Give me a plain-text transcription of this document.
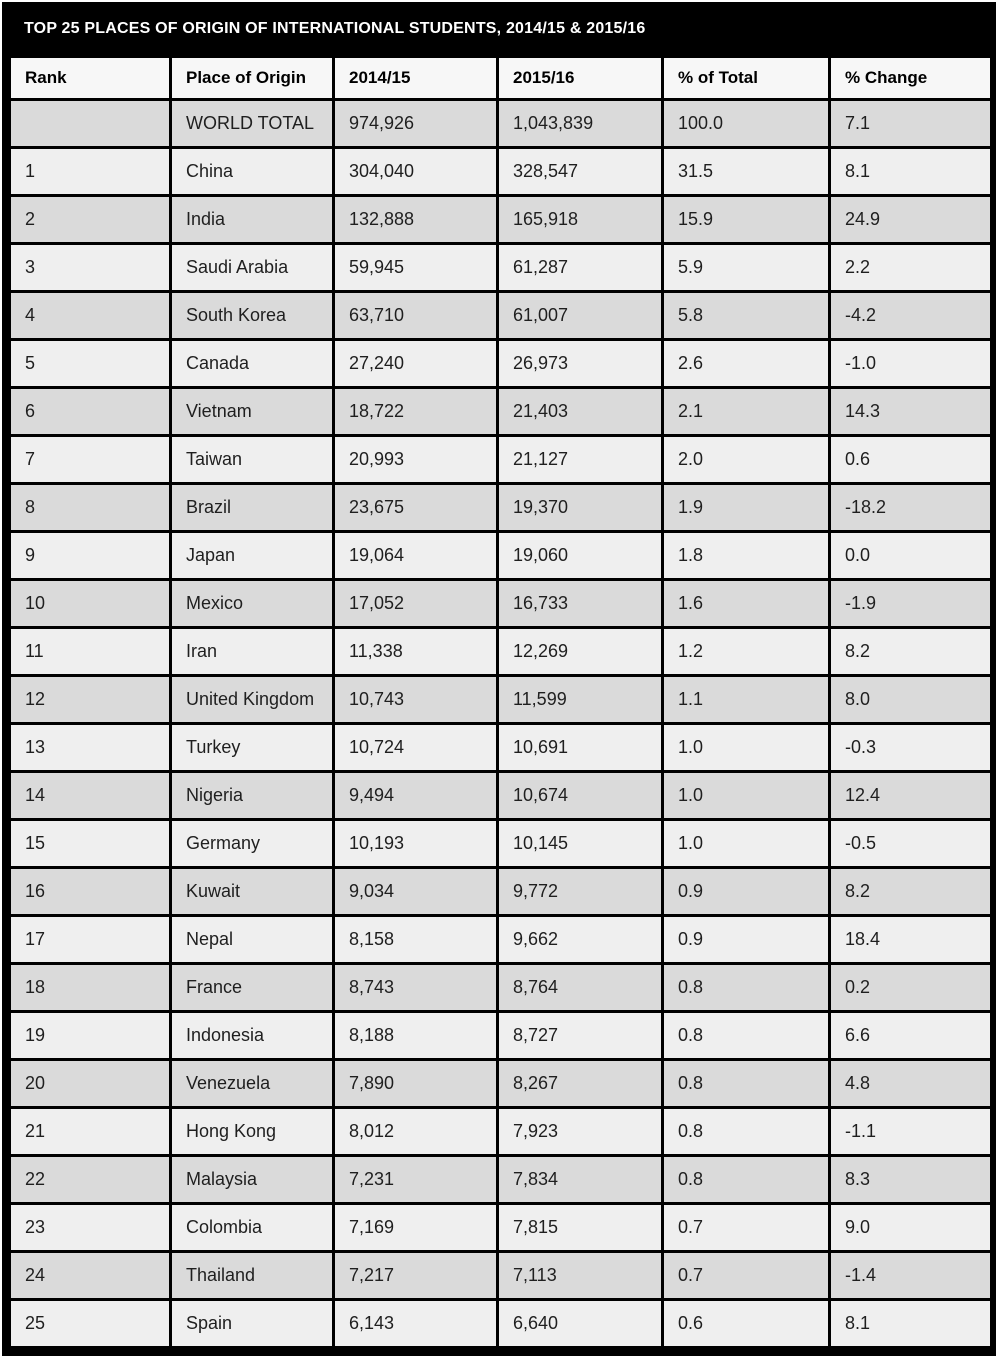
TOP 25 PLACES OF ORIGIN OF INTERNATIONAL STUDENTS, 2014/15 & 2015/16
Rank	Place of Origin	2014/15	2015/16	% of Total	% Change
	WORLD TOTAL	974,926	1,043,839	100.0	7.1
1	China	304,040	328,547	31.5	8.1
2	India	132,888	165,918	15.9	24.9
3	Saudi Arabia	59,945	61,287	5.9	2.2
4	South Korea	63,710	61,007	5.8	-4.2
5	Canada	27,240	26,973	2.6	-1.0
6	Vietnam	18,722	21,403	2.1	14.3
7	Taiwan	20,993	21,127	2.0	0.6
8	Brazil	23,675	19,370	1.9	-18.2
9	Japan	19,064	19,060	1.8	0.0
10	Mexico	17,052	16,733	1.6	-1.9
11	Iran	11,338	12,269	1.2	8.2
12	United Kingdom	10,743	11,599	1.1	8.0
13	Turkey	10,724	10,691	1.0	-0.3
14	Nigeria	9,494	10,674	1.0	12.4
15	Germany	10,193	10,145	1.0	-0.5
16	Kuwait	9,034	9,772	0.9	8.2
17	Nepal	8,158	9,662	0.9	18.4
18	France	8,743	8,764	0.8	0.2
19	Indonesia	8,188	8,727	0.8	6.6
20	Venezuela	7,890	8,267	0.8	4.8
21	Hong Kong	8,012	7,923	0.8	-1.1
22	Malaysia	7,231	7,834	0.8	8.3
23	Colombia	7,169	7,815	0.7	9.0
24	Thailand	7,217	7,113	0.7	-1.4
25	Spain	6,143	6,640	0.6	8.1
